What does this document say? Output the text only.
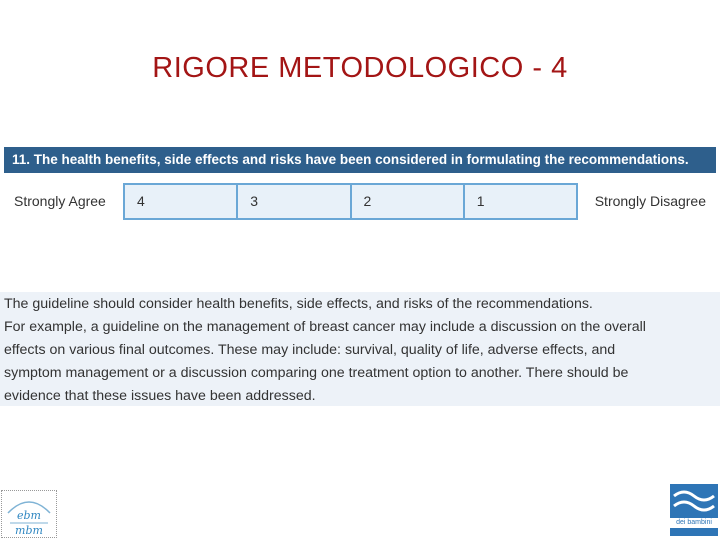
RIGORE METODOLOGICO - 4
11. The health benefits, side effects and risks have been considered in formulating the recommendations.
Strongly Agree	4	3	2	1	Strongly Disagree

The guideline should consider health benefits, side effects, and risks of the recommendations.

For example, a guideline on the management of breast cancer may include a discussion on the overall

effects on various final outcomes. These may include: survival, quality of life, adverse effects, and

symptom management or a discussion comparing one treatment option to another. There should be

evidence that these issues have been addressed.

ebm
mbm
dei bambini
